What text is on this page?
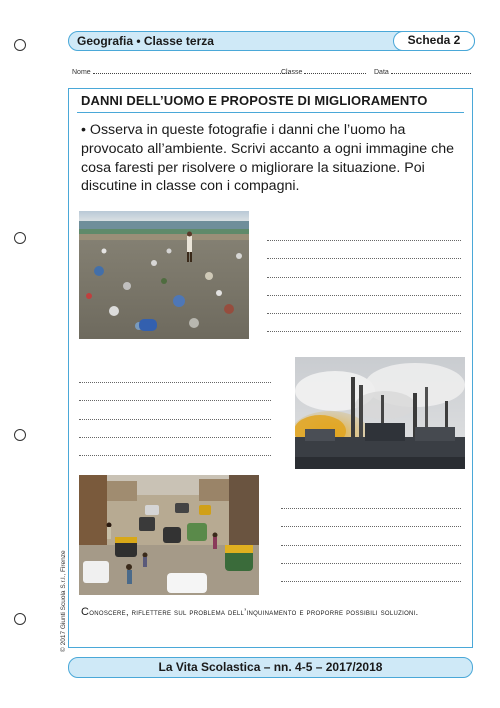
Geografia • Classe terza	Scheda 2
Nome	Classe	Data
DANNI DELL’UOMO E PROPOSTE DI MIGLIORAMENTO
• Osserva in queste fotografie i danni che l’uomo ha provocato all’ambiente. Scrivi accanto a ogni immagine che cosa faresti per risolvere o migliorare la situazione. Poi discutine in classe con i compagni.
Conoscere, riflettere sul problema dell’inquinamento e proporre possibili soluzioni.
La Vita Scolastica – nn. 4-5 – 2017/2018
© 2017 Giunti Scuola S.r.l., Firenze
